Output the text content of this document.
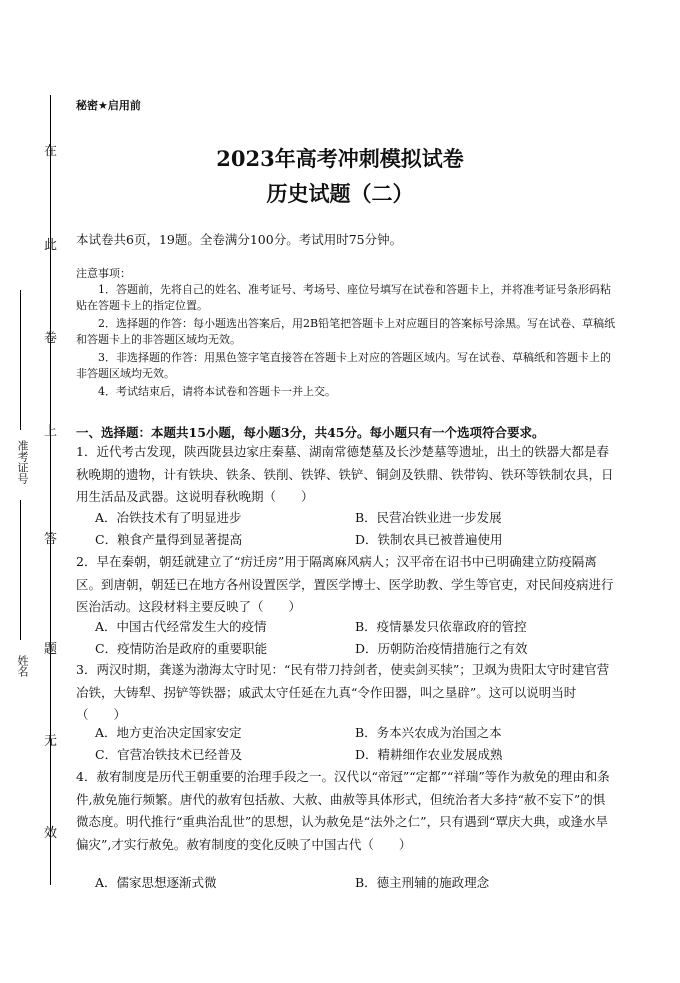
在
此
卷
上
答
题
无
效
准考证号
姓名
秘密★启用前
2023年高考冲刺模拟试卷
历史试题（二）
本试卷共6页，19题。全卷满分100分。考试用时75分钟。
注意事项：
1．答题前，先将自己的姓名、准考证号、考场号、座位号填写在试卷和答题卡上，并将准考证号条形码粘贴在答题卡上的指定位置。
2．选择题的作答：每小题选出答案后，用2B铅笔把答题卡上对应题目的答案标号涂黑。写在试卷、草稿纸和答题卡上的非答题区域均无效。
3．非选择题的作答：用黑色签字笔直接答在答题卡上对应的答题区域内。写在试卷、草稿纸和答题卡上的非答题区域均无效。
4．考试结束后，请将本试卷和答题卡一并上交。
一、选择题：本题共15小题，每小题3分，共45分。每小题只有一个选项符合要求。
1．近代考古发现，陕西陇县边家庄秦墓、湖南常德楚墓及长沙楚墓等遗址，出土的铁器大都是春秋晚期的遗物，计有铁块、铁条、铁削、铁铧、铁铲、铜剑及铁鼎、铁带钩、铁环等铁制农具，日用生活品及武器。这说明春秋晚期（　　）
A．冶铁技术有了明显进步	B．民营冶铁业进一步发展
C．粮食产量得到显著提高	D．铁制农具已被普遍使用
2．早在秦朝，朝廷就建立了“疠迁房”用于隔离麻风病人；汉平帝在诏书中已明确建立防疫隔离区。到唐朝，朝廷已在地方各州设置医学，置医学博士、医学助教、学生等官吏，对民间疫病进行医治活动。这段材料主要反映了（　　）
A．中国古代经常发生大的疫情	B．疫情暴发只依靠政府的管控
C．疫情防治是政府的重要职能	D．历朝防治疫情措施行之有效
3．两汉时期，龚遂为渤海太守时见：“民有带刀持剑者，使卖剑买犊”；卫飒为贵阳太守时建官营冶铁，大铸犁、拐铲等铁器；戚武太守任延在九真“令作田器，叫之垦辟”。这可以说明当时（　　）
A．地方吏治决定国家安定	B．务本兴农成为治国之本
C．官营冶铁技术已经普及	D．精耕细作农业发展成熟
4．赦宥制度是历代王朝重要的治理手段之一。汉代以“帝冠”“定都”“祥瑞”等作为赦免的理由和条件,赦免施行频繁。唐代的赦宥包括赦、大赦、曲赦等具体形式，但统治者大多持“赦不妄下”的惧微态度。明代推行“重典治乱世”的思想，认为赦免是“法外之仁”，只有遇到“覃庆大典，或逢水旱偏灾”,才实行赦免。赦宥制度的变化反映了中国古代（　　）
A．儒家思想逐渐式微	B．德主刑辅的施政理念
